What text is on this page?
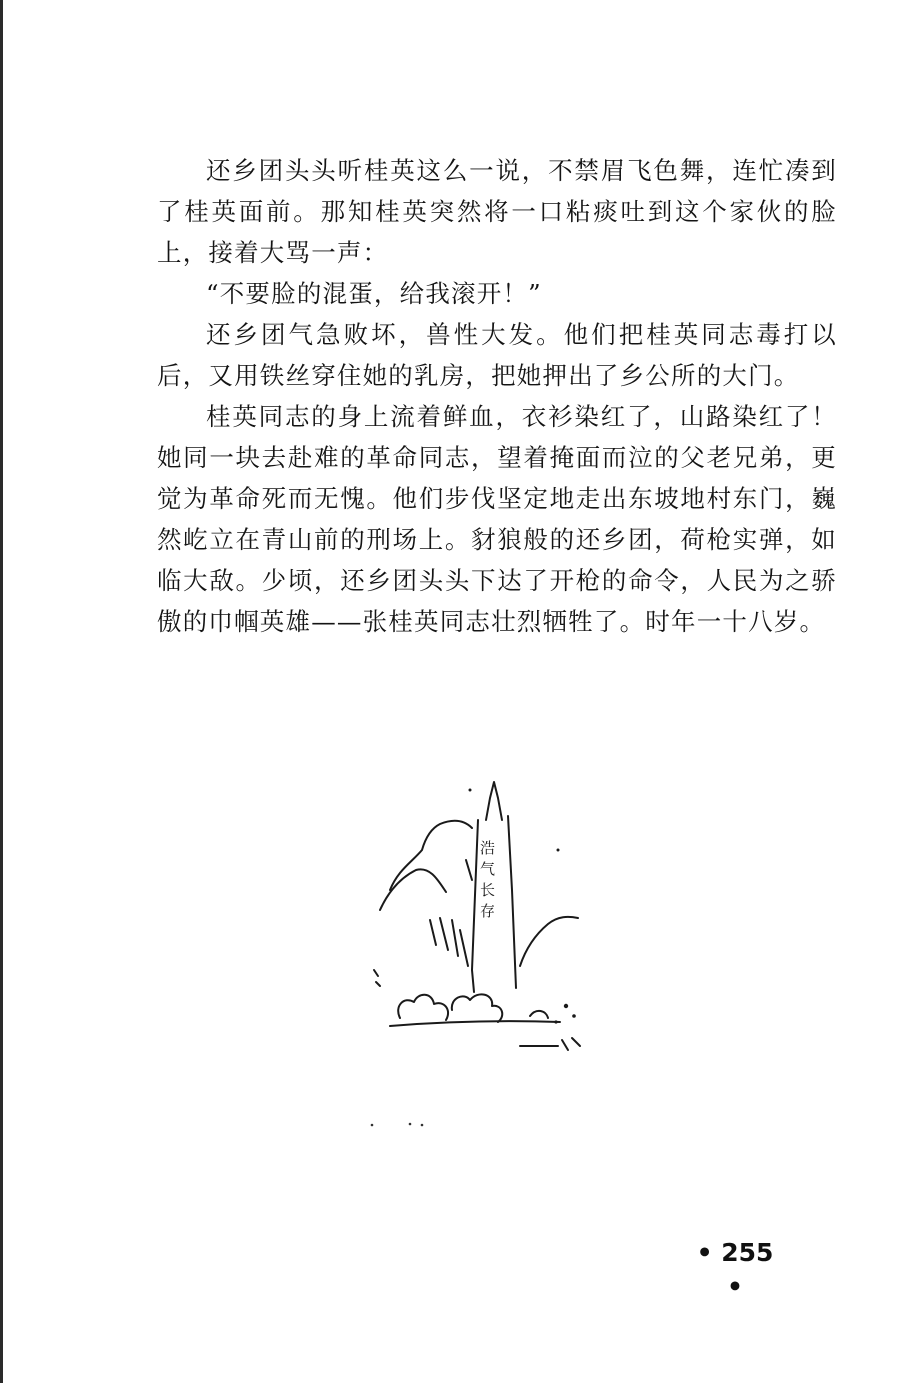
还乡团头头听桂英这么一说，不禁眉飞色舞，连忙凑到了桂英面前。那知桂英突然将一口粘痰吐到这个家伙的脸上，接着大骂一声：

“不要脸的混蛋，给我滚开！”

还乡团气急败坏，兽性大发。他们把桂英同志毒打以后，又用铁丝穿住她的乳房，把她押出了乡公所的大门。

桂英同志的身上流着鲜血，衣衫染红了，山路染红了！她同一块去赴难的革命同志，望着掩面而泣的父老兄弟，更觉为革命死而无愧。他们步伐坚定地走出东坡地村东门，巍然屹立在青山前的刑场上。豺狼般的还乡团，荷枪实弹，如临大敌。少顷，还乡团头头下达了开枪的命令，人民为之骄傲的巾帼英雄——张桂英同志壮烈牺牲了。时年一十八岁。

浩气长存
• 255 •
